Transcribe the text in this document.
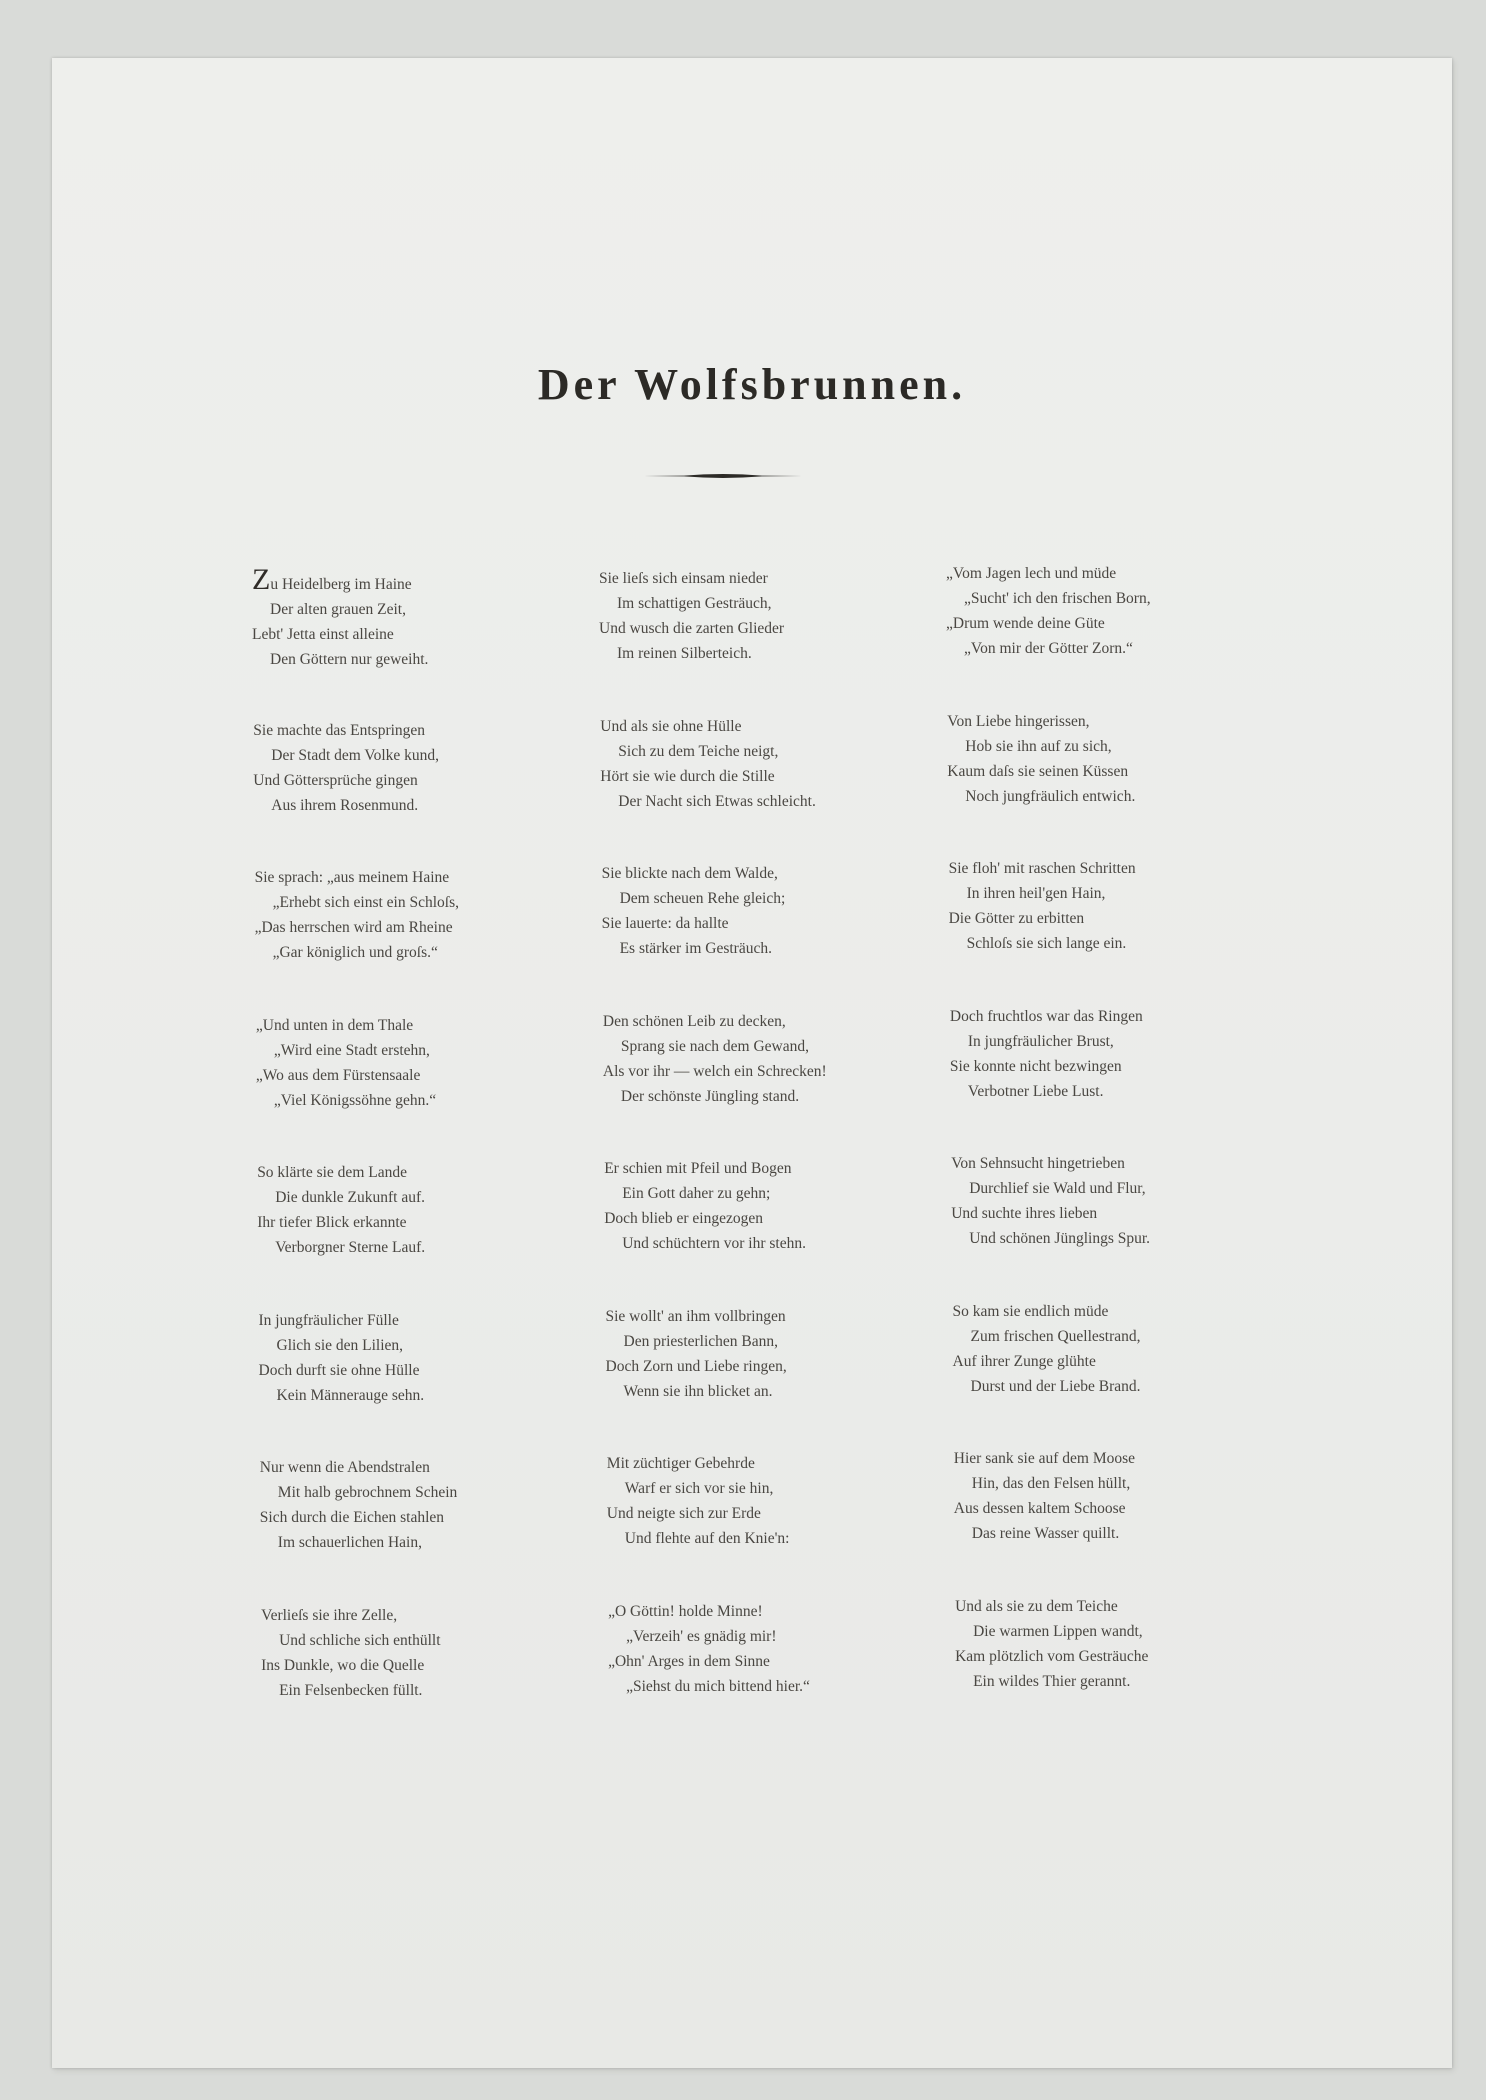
Der Wolfsbrunnen.
Zu Heidelberg im Haine
Der alten grauen Zeit,
Lebt' Jetta einst alleine
Den Göttern nur geweiht.
Sie machte das Entspringen
Der Stadt dem Volke kund,
Und Göttersprüche gingen
Aus ihrem Rosenmund.
Sie sprach: „aus meinem Haine
„Erhebt sich einst ein Schloſs,
„Das herrschen wird am Rheine
„Gar königlich und groſs.“
„Und unten in dem Thale
„Wird eine Stadt erstehn,
„Wo aus dem Fürstensaale
„Viel Königssöhne gehn.“
So klärte sie dem Lande
Die dunkle Zukunft auf.
Ihr tiefer Blick erkannte
Verborgner Sterne Lauf.
In jungfräulicher Fülle
Glich sie den Lilien,
Doch durft sie ohne Hülle
Kein Männerauge sehn.
Nur wenn die Abendstralen
Mit halb gebrochnem Schein
Sich durch die Eichen stahlen
Im schauerlichen Hain,
Verlieſs sie ihre Zelle,
Und schliche sich enthüllt
Ins Dunkle, wo die Quelle
Ein Felsenbecken füllt.
Sie lieſs sich einsam nieder
Im schattigen Gesträuch,
Und wusch die zarten Glieder
Im reinen Silberteich.
Und als sie ohne Hülle
Sich zu dem Teiche neigt,
Hört sie wie durch die Stille
Der Nacht sich Etwas schleicht.
Sie blickte nach dem Walde,
Dem scheuen Rehe gleich;
Sie lauerte: da hallte
Es stärker im Gesträuch.
Den schönen Leib zu decken,
Sprang sie nach dem Gewand,
Als vor ihr — welch ein Schrecken!
Der schönste Jüngling stand.
Er schien mit Pfeil und Bogen
Ein Gott daher zu gehn;
Doch blieb er eingezogen
Und schüchtern vor ihr stehn.
Sie wollt' an ihm vollbringen
Den priesterlichen Bann,
Doch Zorn und Liebe ringen,
Wenn sie ihn blicket an.
Mit züchtiger Gebehrde
Warf er sich vor sie hin,
Und neigte sich zur Erde
Und flehte auf den Knie'n:
„O Göttin! holde Minne!
„Verzeih' es gnädig mir!
„Ohn' Arges in dem Sinne
„Siehst du mich bittend hier.“
„Vom Jagen lech und müde
„Sucht' ich den frischen Born,
„Drum wende deine Güte
„Von mir der Götter Zorn.“
Von Liebe hingerissen,
Hob sie ihn auf zu sich,
Kaum daſs sie seinen Küssen
Noch jungfräulich entwich.
Sie floh' mit raschen Schritten
In ihren heil'gen Hain,
Die Götter zu erbitten
Schloſs sie sich lange ein.
Doch fruchtlos war das Ringen
In jungfräulicher Brust,
Sie konnte nicht bezwingen
Verbotner Liebe Lust.
Von Sehnsucht hingetrieben
Durchlief sie Wald und Flur,
Und suchte ihres lieben
Und schönen Jünglings Spur.
So kam sie endlich müde
Zum frischen Quellestrand,
Auf ihrer Zunge glühte
Durst und der Liebe Brand.
Hier sank sie auf dem Moose
Hin, das den Felsen hüllt,
Aus dessen kaltem Schoose
Das reine Wasser quillt.
Und als sie zu dem Teiche
Die warmen Lippen wandt,
Kam plötzlich vom Gesträuche
Ein wildes Thier gerannt.
